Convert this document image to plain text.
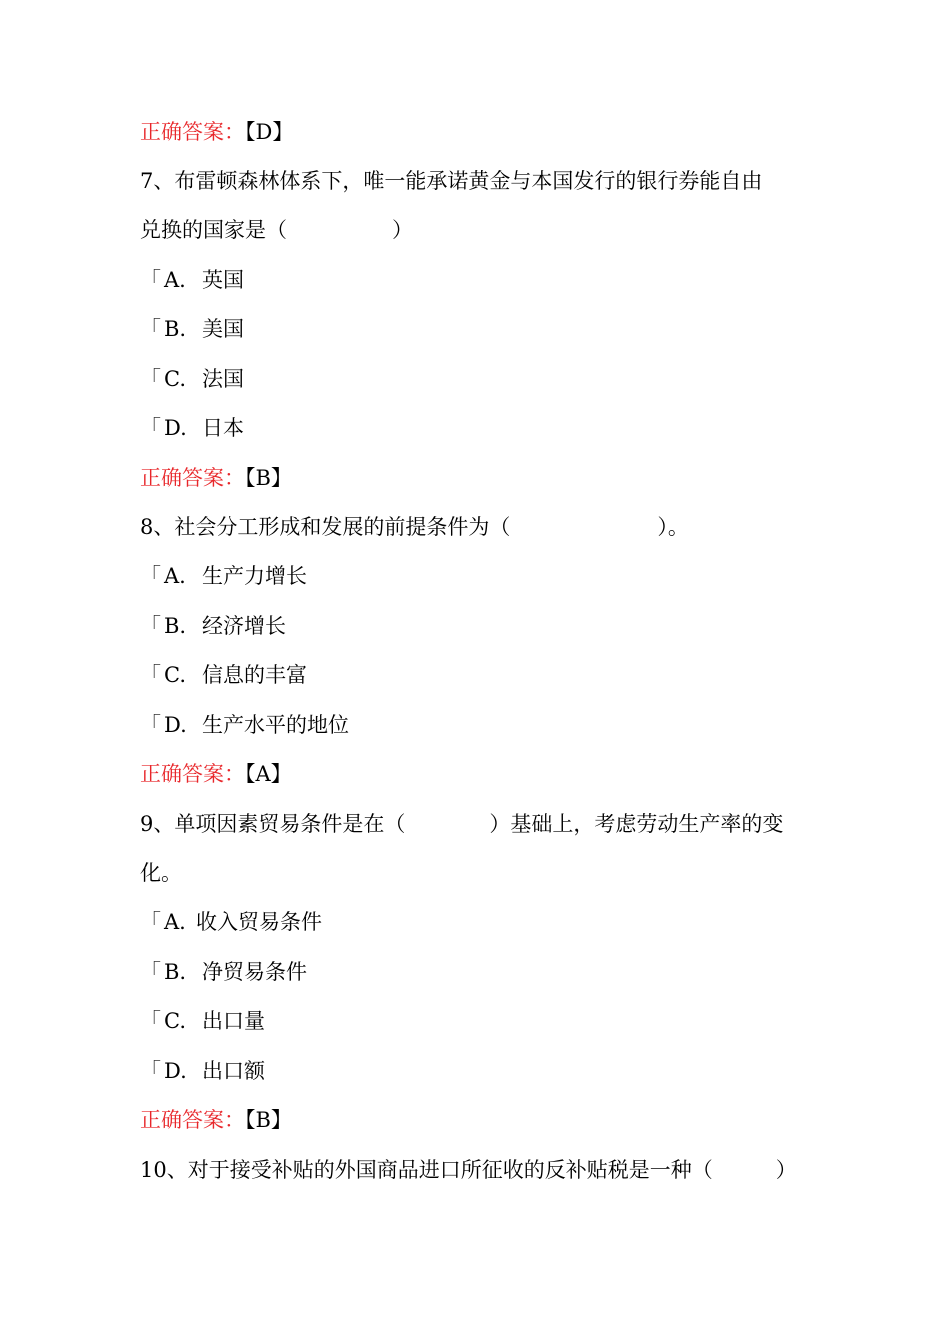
正确答案：【D】
7、布雷顿森林体系下，唯一能承诺黄金与本国发行的银行券能自由
兑换的国家是（　　　　　）
「 A. 英国
「 B. 美国
「 C. 法国
「 D. 日本
正确答案：【B】
8、社会分工形成和发展的前提条件为（　　　　　　　）。
「 A. 生产力增长
「 B. 经济增长
「 C. 信息的丰富
「 D. 生产水平的地位
正确答案：【A】
9、单项因素贸易条件是在（　　　　）基础上，考虑劳动生产率的变
化。
「 A. 收入贸易条件
「 B. 净贸易条件
「 C. 出口量
「 D. 出口额
正确答案：【B】
10、对于接受补贴的外国商品进口所征收的反补贴税是一种（　　　）
